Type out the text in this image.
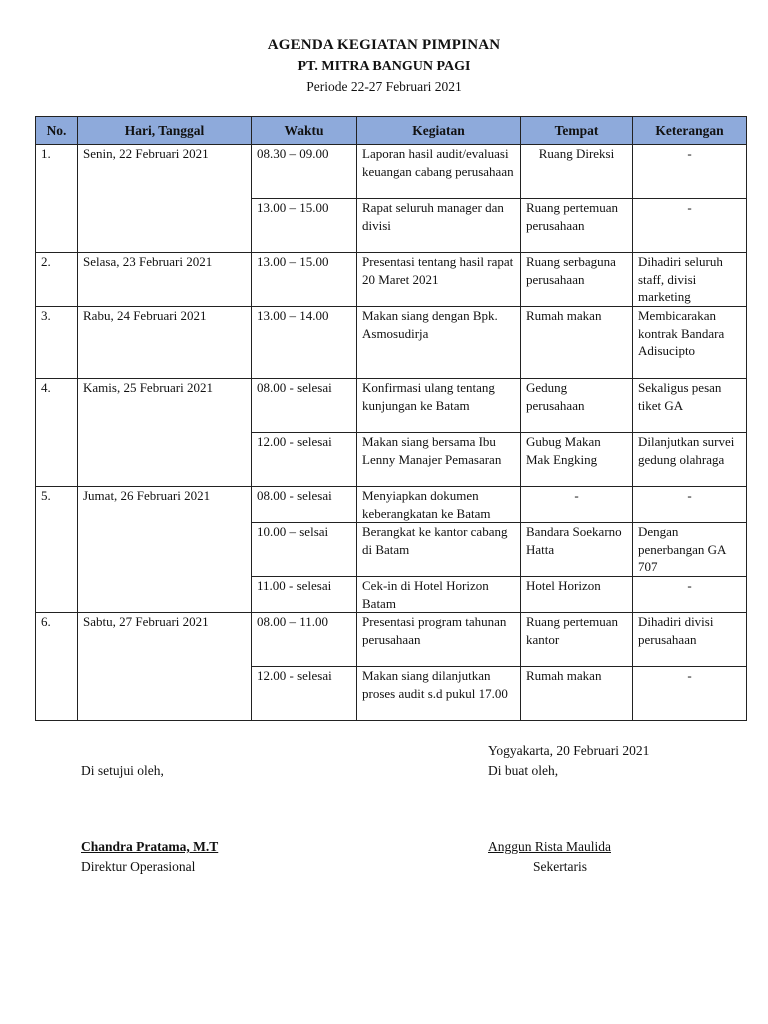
AGENDA KEGIATAN PIMPINAN
PT. MITRA BANGUN PAGI
Periode 22-27 Februari 2021
No.	Hari, Tanggal	Waktu	Kegiatan	Tempat	Keterangan
1.	Senin, 22 Februari 2021	08.30 – 09.00	Laporan hasil audit/evaluasi keuangan cabang perusahaan	Ruang Direksi	-
		13.00 – 15.00	Rapat seluruh manager dan divisi	Ruang pertemuan perusahaan	-
2.	Selasa, 23 Februari 2021	13.00 – 15.00	Presentasi tentang hasil rapat 20 Maret 2021	Ruang serbaguna perusahaan	Dihadiri seluruh staff, divisi marketing
3.	Rabu, 24 Februari 2021	13.00 – 14.00	Makan siang dengan Bpk. Asmosudirja	Rumah makan	Membicarakan kontrak Bandara Adisucipto
4.	Kamis, 25 Februari 2021	08.00 - selesai	Konfirmasi ulang tentang kunjungan ke Batam	Gedung perusahaan	Sekaligus pesan tiket GA
		12.00 - selesai	Makan siang bersama Ibu Lenny Manajer Pemasaran	Gubug Makan Mak Engking	Dilanjutkan survei gedung olahraga
5.	Jumat, 26 Februari 2021	08.00 - selesai	Menyiapkan dokumen keberangkatan ke Batam	-	-
		10.00 – selsai	Berangkat ke kantor cabang di Batam	Bandara Soekarno Hatta	Dengan penerbangan GA 707
		11.00 - selesai	Cek-in di Hotel Horizon Batam	Hotel Horizon	-
6.	Sabtu, 27 Februari 2021	08.00 – 11.00	Presentasi program tahunan perusahaan	Ruang pertemuan kantor	Dihadiri divisi perusahaan
		12.00 - selesai	Makan siang dilanjutkan proses audit s.d pukul 17.00	Rumah makan	-
Yogyakarta, 20 Februari 2021
Di setujui oleh,	Di buat oleh,
Chandra Pratama, M.T
Direktur Operasional
Anggun Rista Maulida
Sekertaris
